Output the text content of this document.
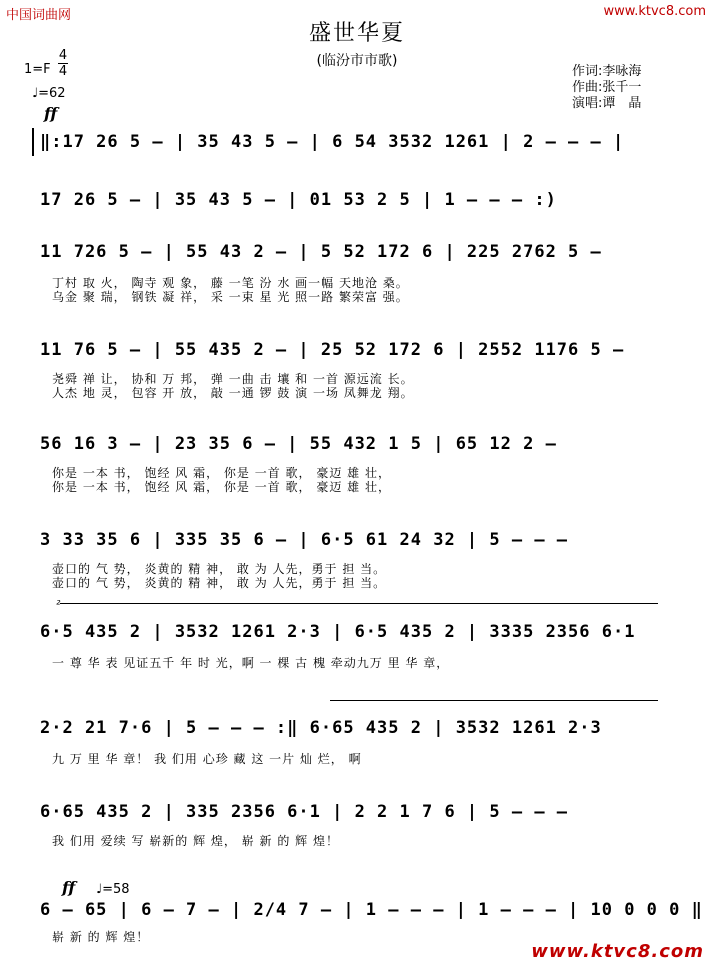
中国词曲网	www.ktvc8.com
盛世华夏
(临汾市市歌)
作词:李咏海
作曲:张千一
演唱:谭　晶
1=F
4
4
♩=62
ff
‖:17 26 5 – | 35 43 5 – | 6 54 3532 1261 | 2 – – – |
17 26 5 – | 35 43 5 – | 01 53 2 5 | 1 – – – :)
11 726 5 – | 55 43 2 – | 5 52 172 6 | 225 2762 5 –
丁村 取 火， 陶寺 观 象， 藤 一笔 汾 水 画一幅 天地沧 桑。
乌金 聚 瑞， 钢铁 凝 祥， 采 一束 星 光 照一路 繁荣富 强。
11 76 5 – | 55 435 2 – | 25 52 172 6 | 2552 1176 5 –
尧舜 禅 让， 协和 万 邦， 弹 一曲 击 壤 和 一首 源远流 长。
人杰 地 灵， 包容 开 放， 敲 一通 锣 鼓 演 一场 凤舞龙 翔。
56 16 3 – | 23 35 6 – | 55 432 1 5 | 65 12 2 –
你是 一本 书， 饱经 风 霜， 你是 一首 歌， 豪迈 雄 壮，
你是 一本 书， 饱经 风 霜， 你是 一首 歌， 豪迈 雄 壮，
3 33 35 6 | 335 35 6 – | 6·5 61 24 32 | 5 – – –
壶口的 气 势， 炎黄的 精 神， 敢 为 人先，勇于 担 当。
壶口的 气 势， 炎黄的 精 神， 敢 为 人先，勇于 担 当。
²
6·5 435 2 | 3532 1261 2·3 | 6·5 435 2 | 3335 2356 6·1
一 尊 华 表 见证五千 年 时 光，啊 一 棵 古 槐 牵动九万 里 华 章，
2·2 21 7·6 | 5 – – – :‖ 6·65 435 2 | 3532 1261 2·3
九 万 里 华 章！ 我 们用 心珍 藏 这 一片 灿 烂， 啊
6·65 435 2 | 335 2356 6·1 | 2 2 1 7 6 | 5 – – –
我 们用 爱续 写 崭新的 辉 煌， 崭 新 的 辉 煌！
ff ♩=58
6 – 65 | 6 – 7 – | 2/4 7 – | 1 – – – | 1 – – – | 10 0 0 0 ‖
崭 新 的 辉 煌！
www.ktvc8.com
